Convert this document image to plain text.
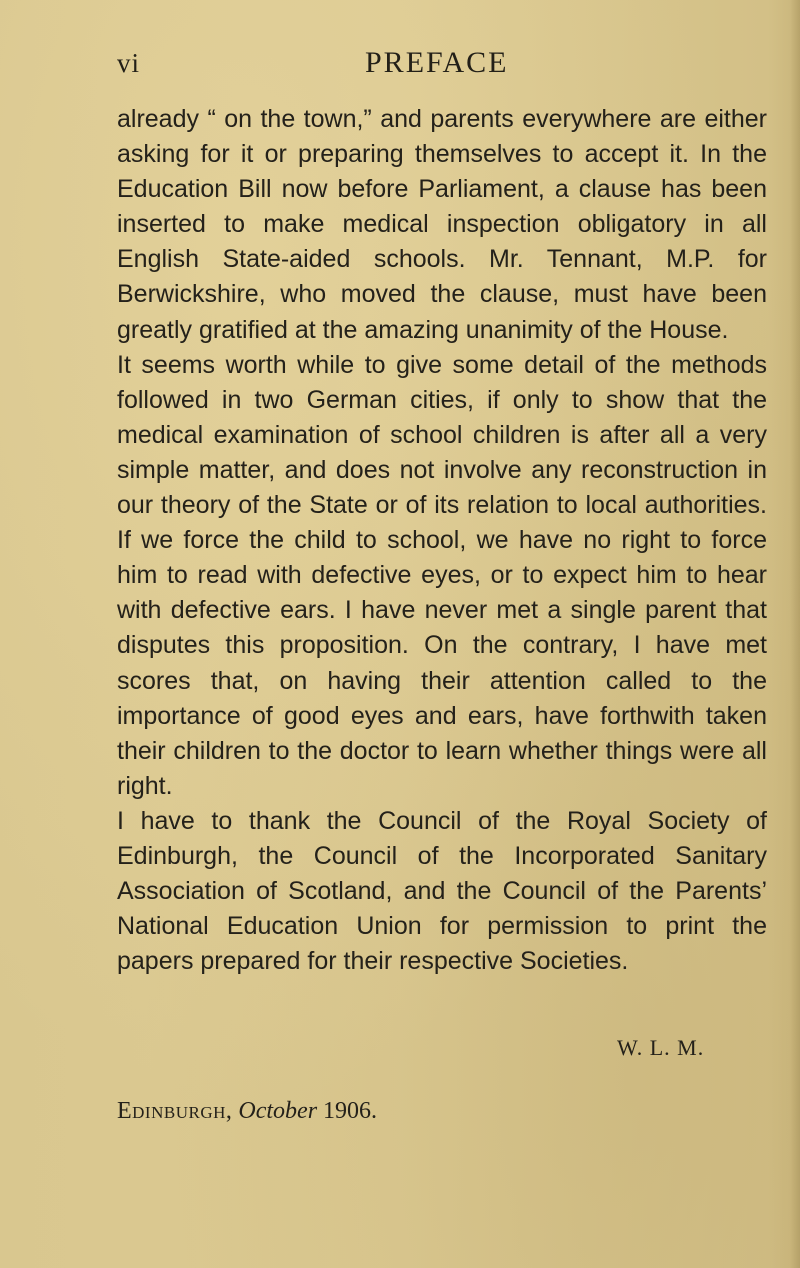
vi	PREFACE

already “ on the town,” and parents everywhere are either asking for it or preparing themselves to accept it. In the Education Bill now before Parliament, a clause has been inserted to make medical inspection obligatory in all English State-aided schools. Mr. Tennant, M.P. for Berwickshire, who moved the clause, must have been greatly gratified at the amazing unanimity of the House.

It seems worth while to give some detail of the methods followed in two German cities, if only to show that the medical examination of school children is after all a very simple matter, and does not involve any reconstruction in our theory of the State or of its relation to local authorities. If we force the child to school, we have no right to force him to read with defective eyes, or to expect him to hear with defective ears. I have never met a single parent that disputes this proposition. On the contrary, I have met scores that, on having their attention called to the importance of good eyes and ears, have forthwith taken their children to the doctor to learn whether things were all right.

I have to thank the Council of the Royal Society of Edinburgh, the Council of the Incorporated Sanitary Association of Scotland, and the Council of the Parents’ National Education Union for permission to print the papers prepared for their respective Societies.

W. L. M.
Edinburgh, October 1906.
